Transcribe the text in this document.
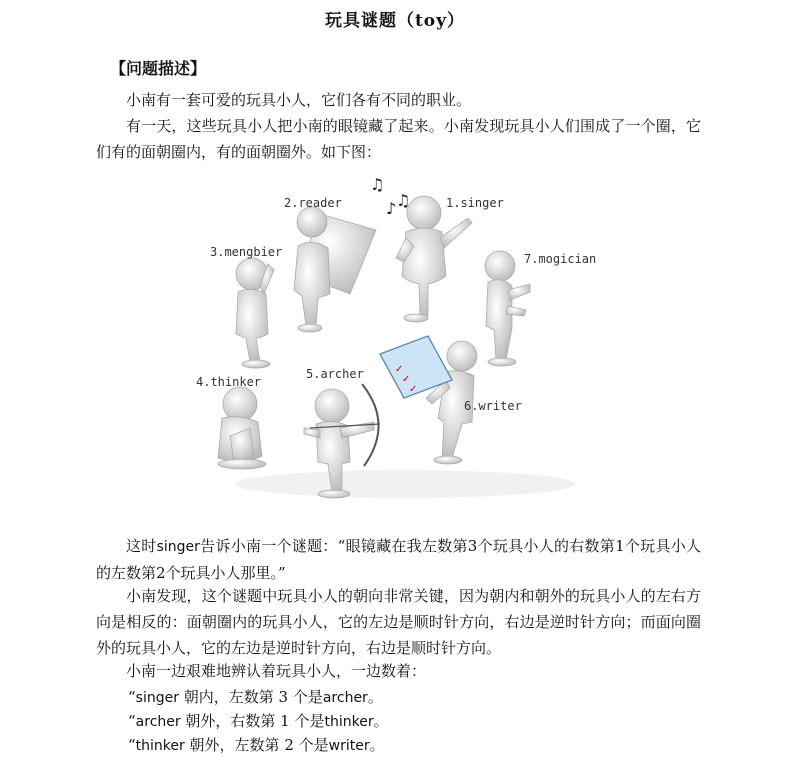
玩具谜题（toy）
【问题描述】

小南有一套可爱的玩具小人，它们各有不同的职业。

有一天，这些玩具小人把小南的眼镜藏了起来。小南发现玩具小人们围成了一个圈，它们有的面朝圈内，有的面朝圈外。如下图：

♫
♪ ♫
✓
✓
✓
2.reader	1.singer
3.mengbier	7.mogician
4.thinker
5.archer
6.writer

这时singer告诉小南一个谜题：“眼镜藏在我左数第3个玩具小人的右数第1个玩具小人的左数第2个玩具小人那里。”

小南发现，这个谜题中玩具小人的朝向非常关键，因为朝内和朝外的玩具小人的左右方向是相反的：面朝圈内的玩具小人，它的左边是顺时针方向，右边是逆时针方向；而面向圈外的玩具小人，它的左边是逆时针方向，右边是顺时针方向。

小南一边艰难地辨认着玩具小人，一边数着：

“singer 朝内，左数第 3 个是archer。
“archer 朝外，右数第 1 个是thinker。
“thinker 朝外，左数第 2 个是writer。
